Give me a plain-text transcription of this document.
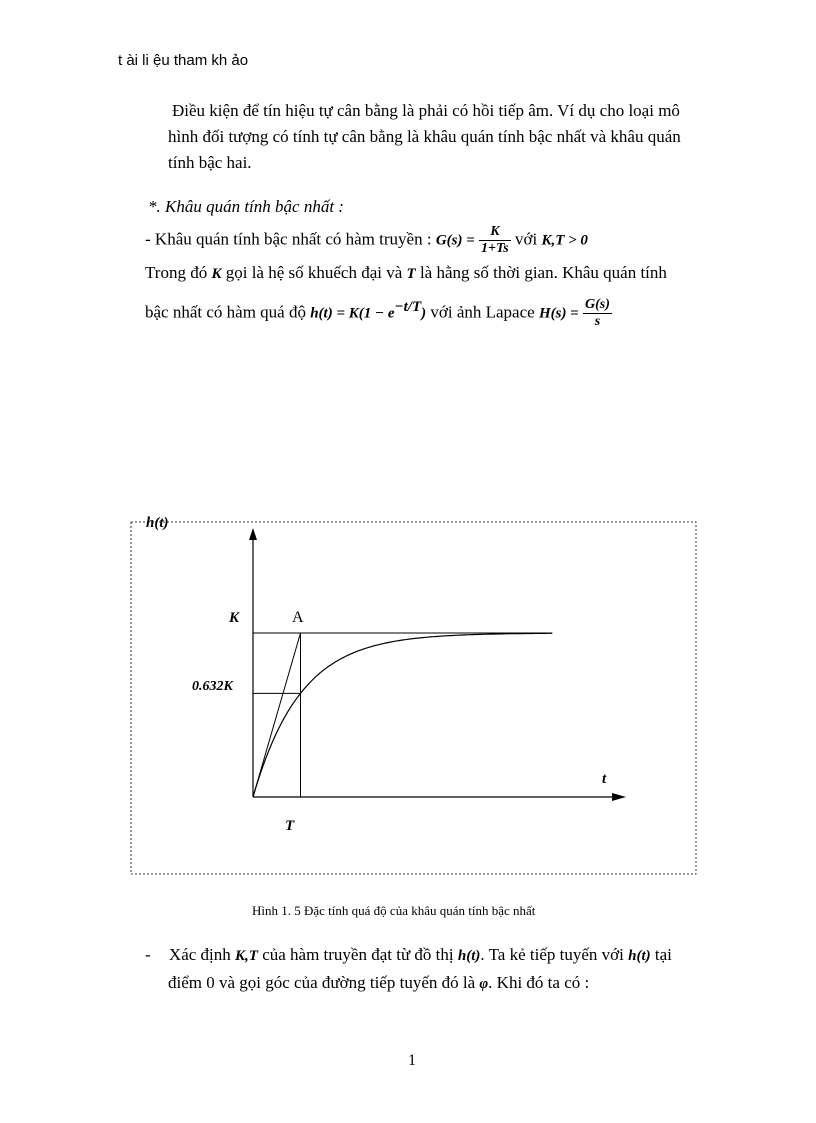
t ài li ệu tham kh ảo
Điều kiện để tín hiệu tự cân bằng là phải có hồi tiếp âm. Ví dụ cho loại mô
hình đối tượng có tính tự cân bằng là khâu quán tính bậc nhất và khâu quán
tính bậc hai.
*. Khâu quán tính bậc nhất :
- Khâu quán tính bậc nhất có hàm truyền : $G(s) = \frac{K}{1+Ts}$ với K,T > 0
Trong đó K gọi là hệ số khuếch đại và T là hằng số thời gian. Khâu quán tính
bậc nhất có hàm quá độ $h(t) = K(1 - e^{-t/T})$ với ảnh Lapace $H(s) = \frac{G(s)}{s}$
h(t)
t
K
0.632K
A
T
Hình 1. 5 Đặc tính quá độ của khâu quán tính bậc nhất
- Xác định K,T của hàm truyền đạt từ đồ thị h(t). Ta kẻ tiếp tuyến với h(t) tại
điểm 0 và gọi góc của đường tiếp tuyến đó là φ. Khi đó ta có :
1
